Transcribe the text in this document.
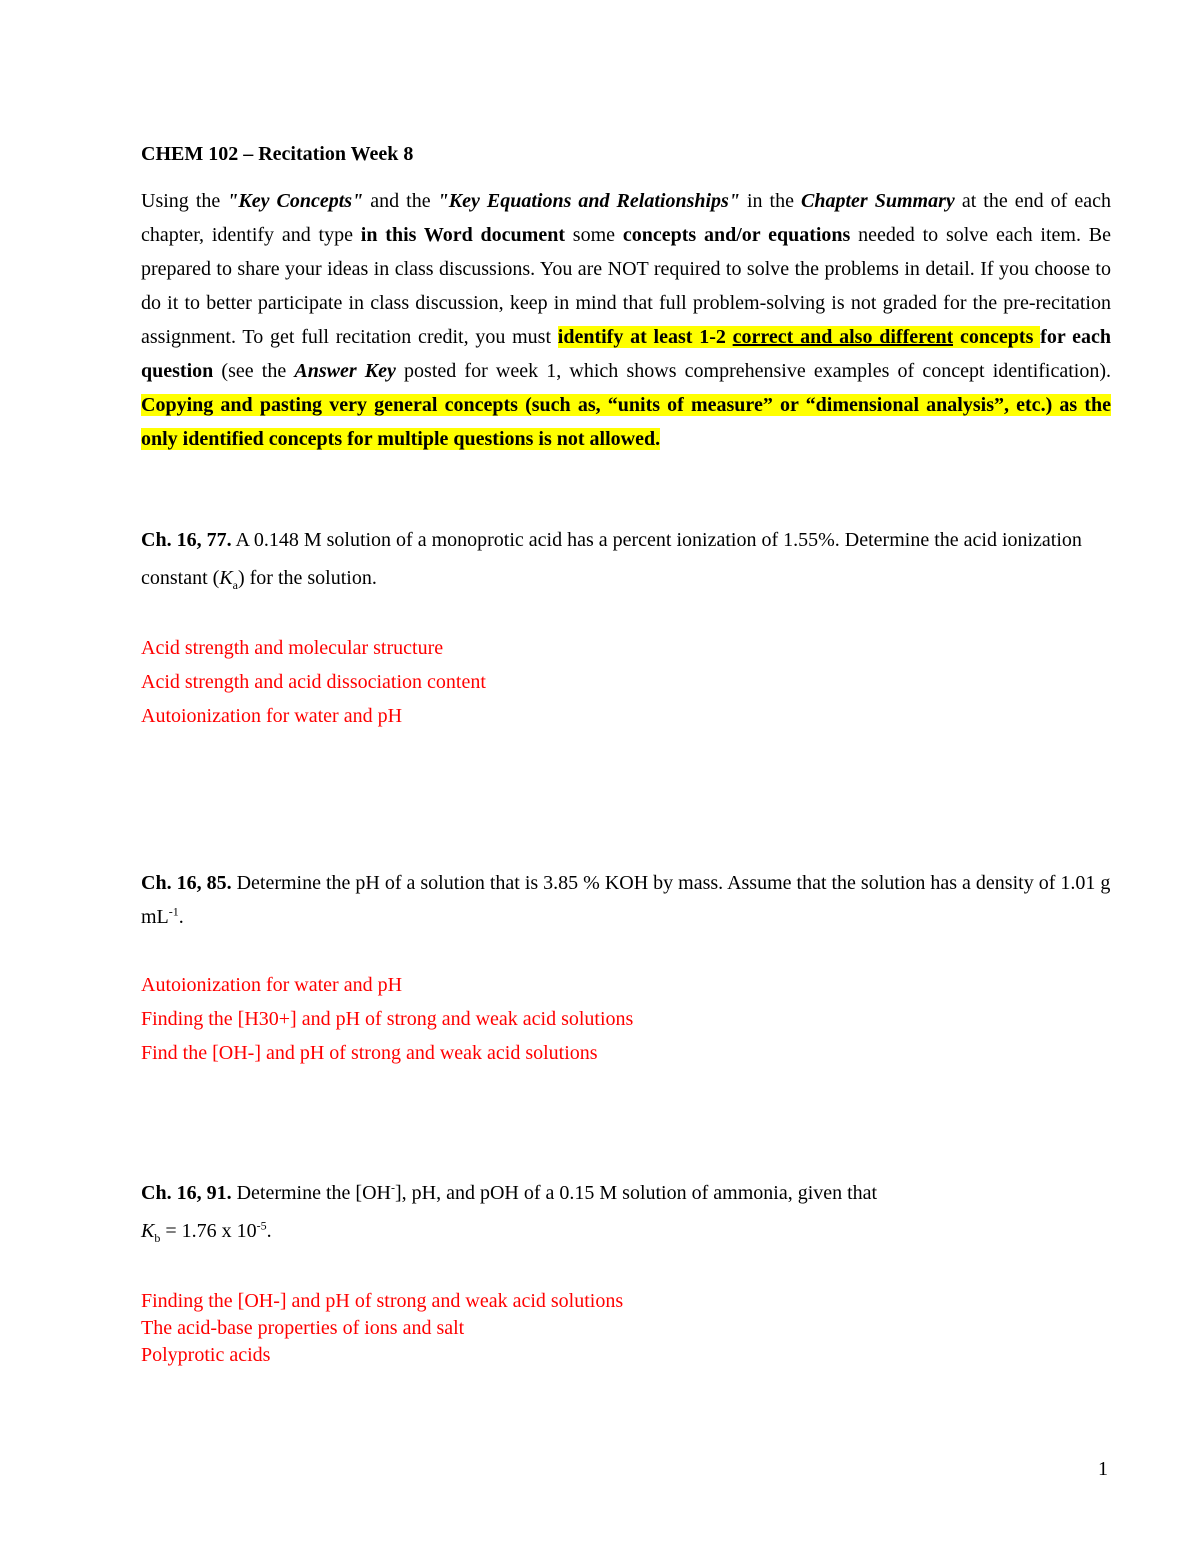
CHEM 102 – Recitation Week 8
Using the "Key Concepts" and the "Key Equations and Relationships" in the Chapter Summary at the end of each chapter, identify and type in this Word document some concepts and/or equations needed to solve each item. Be prepared to share your ideas in class discussions. You are NOT required to solve the problems in detail. If you choose to do it to better participate in class discussion, keep in mind that full problem-solving is not graded for the pre-recitation assignment. To get full recitation credit, you must identify at least 1-2 correct and also different concepts for each question (see the Answer Key posted for week 1, which shows comprehensive examples of concept identification). Copying and pasting very general concepts (such as, “units of measure” or “dimensional analysis”, etc.) as the only identified concepts for multiple questions is not allowed.
Ch. 16, 77. A 0.148 M solution of a monoprotic acid has a percent ionization of 1.55%. Determine the acid ionization constant $(K_a)$ for the solution.
Acid strength and molecular structure
Acid strength and acid dissociation content
Autoionization for water and pH
Ch. 16, 85. Determine the pH of a solution that is 3.85 % KOH by mass. Assume that the solution has a density of 1.01 g $mL^{-1}$.
Autoionization for water and pH
Finding the [H30+] and pH of strong and weak acid solutions
Find the [OH-] and pH of strong and weak acid solutions
Ch. 16, 91. Determine the [OH-], pH, and pOH of a 0.15 M solution of ammonia, given that
$K_b = 1.76$ x $10^{-5}$.
Finding the [OH-] and pH of strong and weak acid solutions
The acid-base properties of ions and salt
Polyprotic acids
1
